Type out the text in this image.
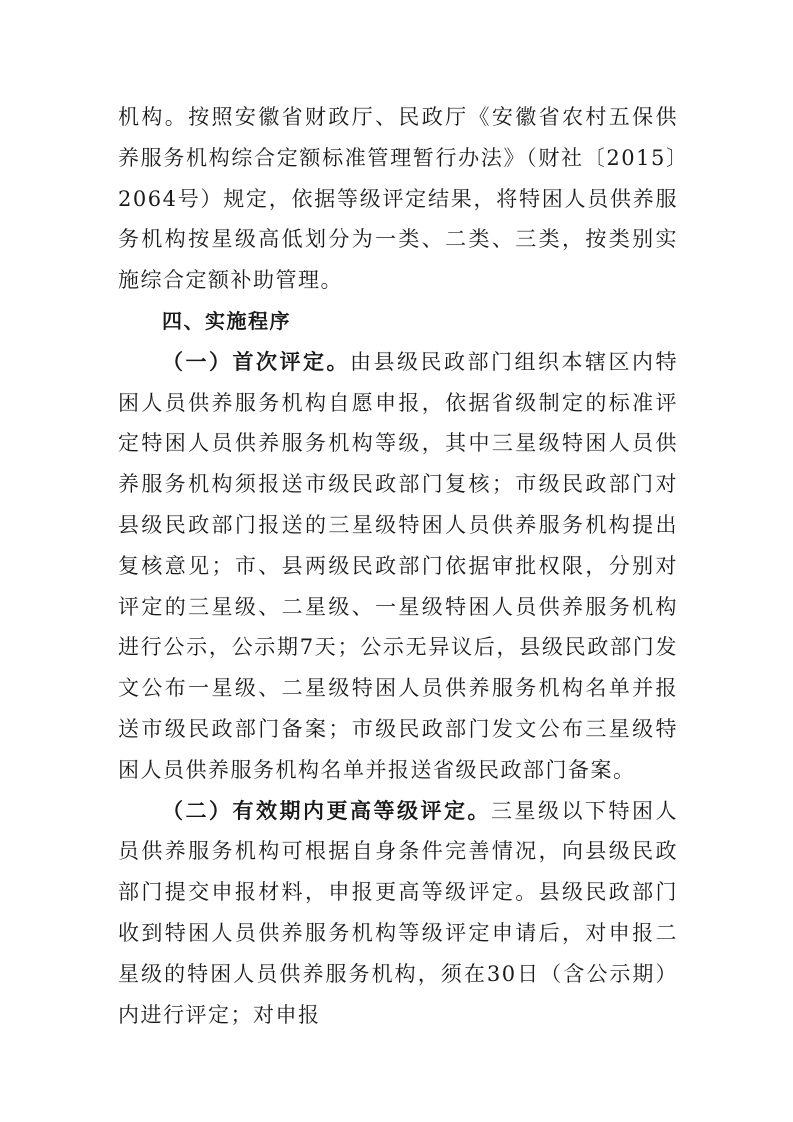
机构。按照安徽省财政厅、民政厅《安徽省农村五保供养服务机构综合定额标准管理暂行办法》（财社〔2015〕2064号）规定，依据等级评定结果，将特困人员供养服务机构按星级高低划分为一类、二类、三类，按类别实施综合定额补助管理。

四、实施程序

（一）首次评定。由县级民政部门组织本辖区内特困人员供养服务机构自愿申报，依据省级制定的标准评定特困人员供养服务机构等级，其中三星级特困人员供养服务机构须报送市级民政部门复核；市级民政部门对县级民政部门报送的三星级特困人员供养服务机构提出复核意见；市、县两级民政部门依据审批权限，分别对评定的三星级、二星级、一星级特困人员供养服务机构进行公示，公示期7天；公示无异议后，县级民政部门发文公布一星级、二星级特困人员供养服务机构名单并报送市级民政部门备案；市级民政部门发文公布三星级特困人员供养服务机构名单并报送省级民政部门备案。

（二）有效期内更高等级评定。三星级以下特困人员供养服务机构可根据自身条件完善情况，向县级民政部门提交申报材料，申报更高等级评定。县级民政部门收到特困人员供养服务机构等级评定申请后，对申报二星级的特困人员供养服务机构，须在30日（含公示期）内进行评定；对申报
